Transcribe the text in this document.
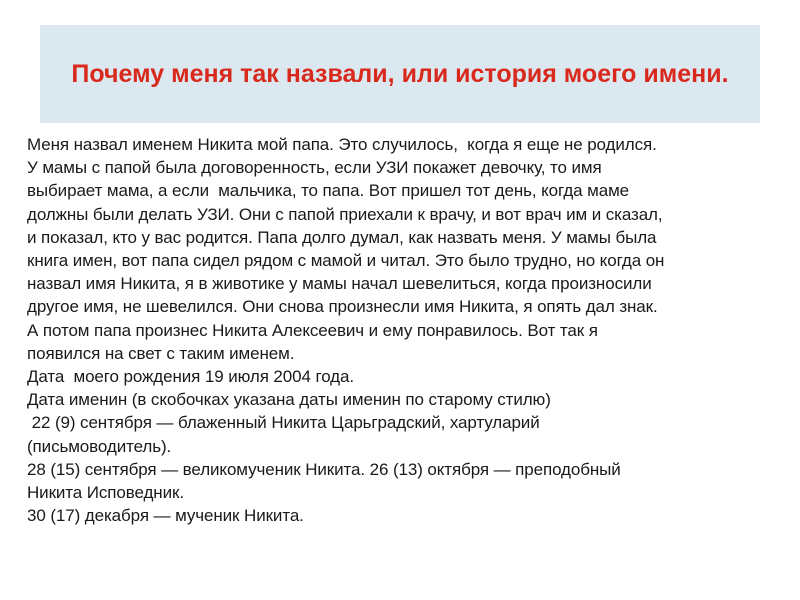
Почему меня так назвали, или история моего имени.
Меня назвал именем Никита мой папа. Это случилось,  когда я еще не родился.
У мамы с папой была договоренность, если УЗИ покажет девочку, то имя
выбирает мама, а если  мальчика, то папа. Вот пришел тот день, когда маме
должны были делать УЗИ. Они с папой приехали к врачу, и вот врач им и сказал,
и показал, кто у вас родится. Папа долго думал, как назвать меня. У мамы была
книга имен, вот папа сидел рядом с мамой и читал. Это было трудно, но когда он
назвал имя Никита, я в животике у мамы начал шевелиться, когда произносили
другое имя, не шевелился. Они снова произнесли имя Никита, я опять дал знак.
А потом папа произнес Никита Алексеевич и ему понравилось. Вот так я
появился на свет с таким именем.
Дата  моего рождения 19 июля 2004 года.
Дата именин (в скобочках указана даты именин по старому стилю)
22 (9) сентября — блаженный Никита Царьградский, хартуларий
(письмоводитель).
28 (15) сентября — великомученик Никита. 26 (13) октября — преподобный
Никита Исповедник.
30 (17) декабря — мученик Никита.
